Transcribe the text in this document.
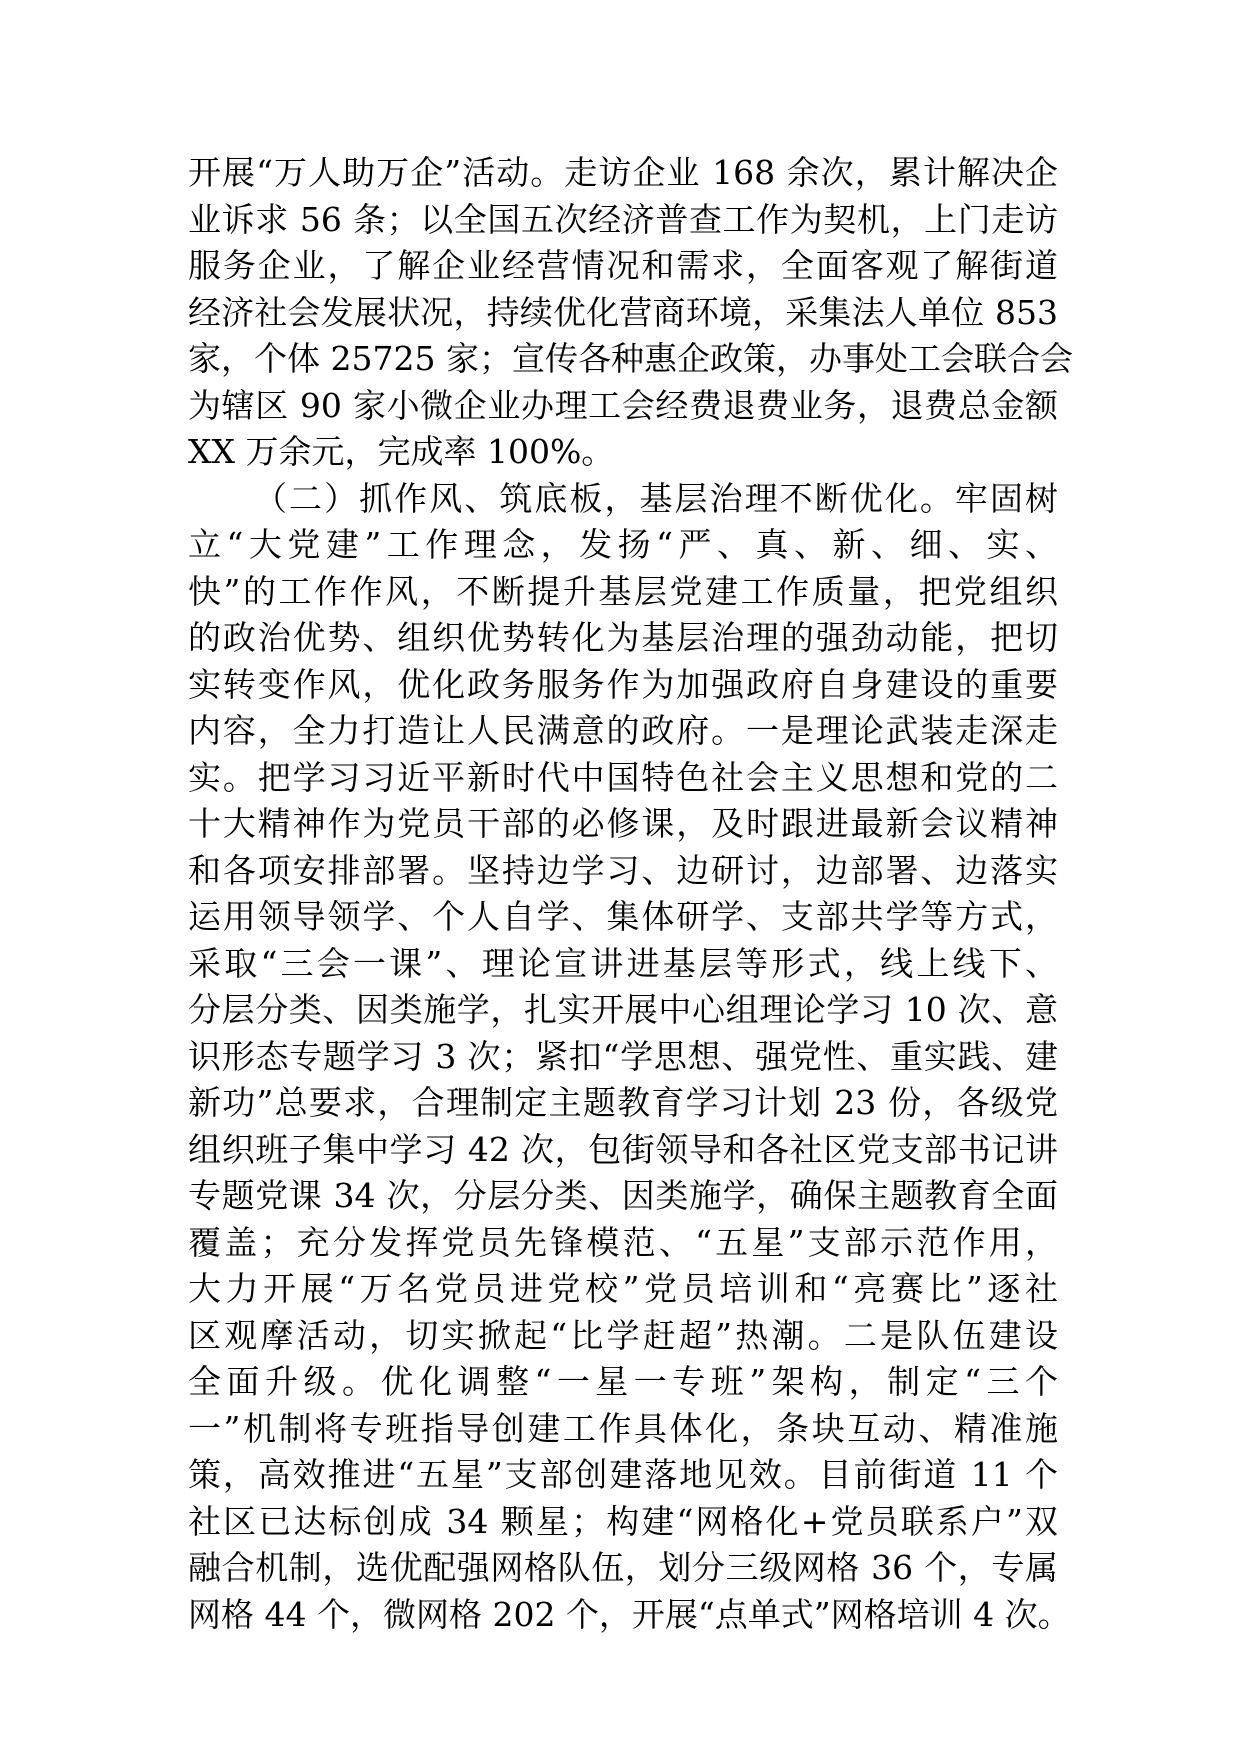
开展“万人助万企”活动。走访企业 168 余次，累计解决企
业诉求 56 条；以全国五次经济普查工作为契机，上门走访
服务企业，了解企业经营情况和需求，全面客观了解街道
经济社会发展状况，持续优化营商环境，采集法人单位 853
家，个体 25725 家；宣传各种惠企政策，办事处工会联合会
为辖区 90 家小微企业办理工会经费退费业务，退费总金额
XX 万余元，完成率 100%。
（二）抓作风、筑底板，基层治理不断优化。牢固树
立“大党建”工作理念，发扬“严、真、新、细、实、
快”的工作作风，不断提升基层党建工作质量，把党组织
的政治优势、组织优势转化为基层治理的强劲动能，把切
实转变作风，优化政务服务作为加强政府自身建设的重要
内容，全力打造让人民满意的政府。一是理论武装走深走
实。把学习习近平新时代中国特色社会主义思想和党的二
十大精神作为党员干部的必修课，及时跟进最新会议精神
和各项安排部署。坚持边学习、边研讨，边部署、边落实
运用领导领学、个人自学、集体研学、支部共学等方式，
采取“三会一课”、理论宣讲进基层等形式，线上线下、
分层分类、因类施学，扎实开展中心组理论学习 10 次、意
识形态专题学习 3 次；紧扣“学思想、强党性、重实践、建
新功”总要求，合理制定主题教育学习计划 23 份，各级党
组织班子集中学习 42 次，包街领导和各社区党支部书记讲
专题党课 34 次，分层分类、因类施学，确保主题教育全面
覆盖；充分发挥党员先锋模范、“五星”支部示范作用，
大力开展“万名党员进党校”党员培训和“亮赛比”逐社
区观摩活动，切实掀起“比学赶超”热潮。二是队伍建设
全面升级。优化调整“一星一专班”架构，制定“三个
一”机制将专班指导创建工作具体化，条块互动、精准施
策，高效推进“五星”支部创建落地见效。目前街道 11 个
社区已达标创成 34 颗星；构建“网格化+党员联系户”双
融合机制，选优配强网格队伍，划分三级网格 36 个，专属
网格 44 个，微网格 202 个，开展“点单式”网格培训 4 次。
